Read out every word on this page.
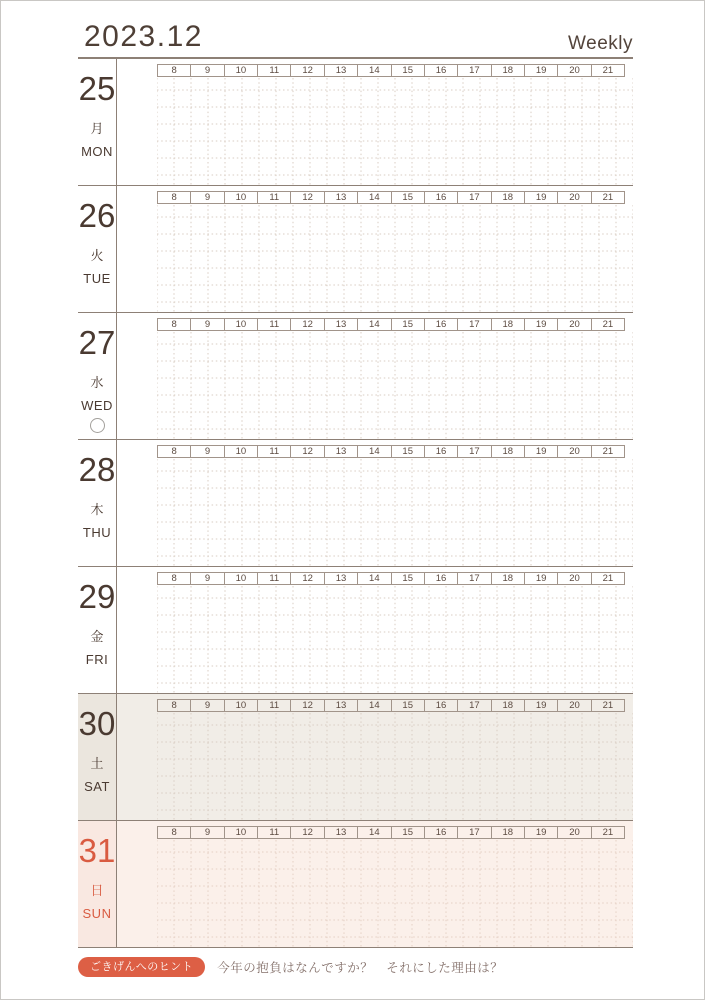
2023.12	Weekly
25
月
MON
8	9	10	11	12	13	14	15	16	17	18	19	20	21
26
火
TUE
8	9	10	11	12	13	14	15	16	17	18	19	20	21
27
水
WED
8	9	10	11	12	13	14	15	16	17	18	19	20	21
28
木
THU
8	9	10	11	12	13	14	15	16	17	18	19	20	21
29
金
FRI
8	9	10	11	12	13	14	15	16	17	18	19	20	21
30
土
SAT
8	9	10	11	12	13	14	15	16	17	18	19	20	21
31
日
SUN
8	9	10	11	12	13	14	15	16	17	18	19	20	21
ごきげんへのヒント	今年の抱負はなんですか？　それにした理由は？
